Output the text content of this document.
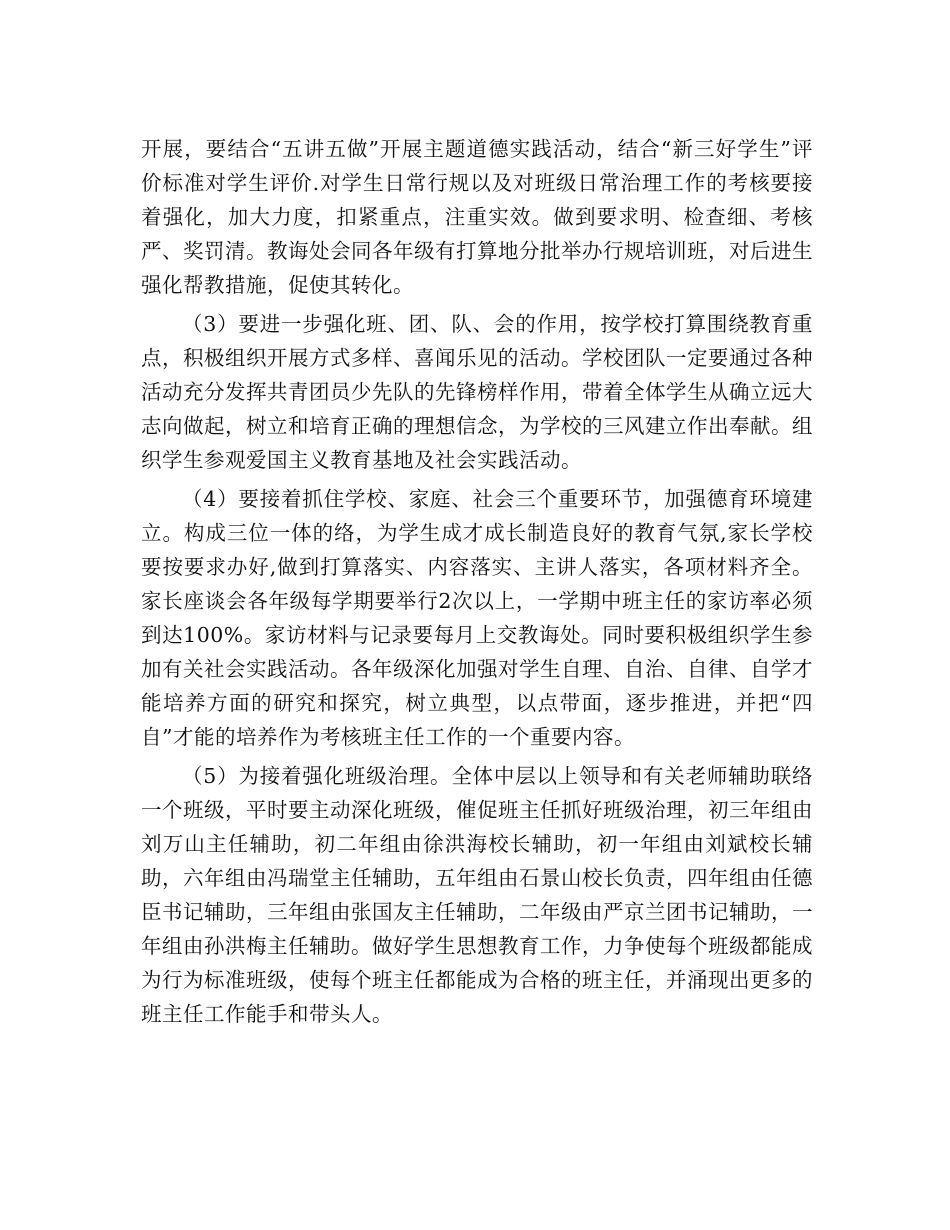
开展，要结合“五讲五做”开展主题道德实践活动，结合“新三好学生”评价标准对学生评价.对学生日常行规以及对班级日常治理工作的考核要接着强化，加大力度，扣紧重点，注重实效。做到要求明、检查细、考核严、奖罚清。教诲处会同各年级有打算地分批举办行规培训班，对后进生强化帮教措施，促使其转化。

（3）要进一步强化班、团、队、会的作用，按学校打算围绕教育重点，积极组织开展方式多样、喜闻乐见的活动。学校团队一定要通过各种活动充分发挥共青团员少先队的先锋榜样作用，带着全体学生从确立远大志向做起，树立和培育正确的理想信念，为学校的三风建立作出奉献。组织学生参观爱国主义教育基地及社会实践活动。

（4）要接着抓住学校、家庭、社会三个重要环节，加强德育环境建立。构成三位一体的络，为学生成才成长制造良好的教育气氛,家长学校要按要求办好,做到打算落实、内容落实、主讲人落实，各项材料齐全。家长座谈会各年级每学期要举行2次以上，一学期中班主任的家访率必须到达100%。家访材料与记录要每月上交教诲处。同时要积极组织学生参加有关社会实践活动。各年级深化加强对学生自理、自治、自律、自学才能培养方面的研究和探究，树立典型，以点带面，逐步推进，并把“四自”才能的培养作为考核班主任工作的一个重要内容。

（5）为接着强化班级治理。全体中层以上领导和有关老师辅助联络一个班级，平时要主动深化班级，催促班主任抓好班级治理，初三年组由刘万山主任辅助，初二年组由徐洪海校长辅助，初一年组由刘斌校长辅助，六年组由冯瑞堂主任辅助，五年组由石景山校长负责，四年组由任德臣书记辅助，三年组由张国友主任辅助，二年级由严京兰团书记辅助，一年组由孙洪梅主任辅助。做好学生思想教育工作，力争使每个班级都能成为行为标准班级，使每个班主任都能成为合格的班主任，并涌现出更多的班主任工作能手和带头人。
